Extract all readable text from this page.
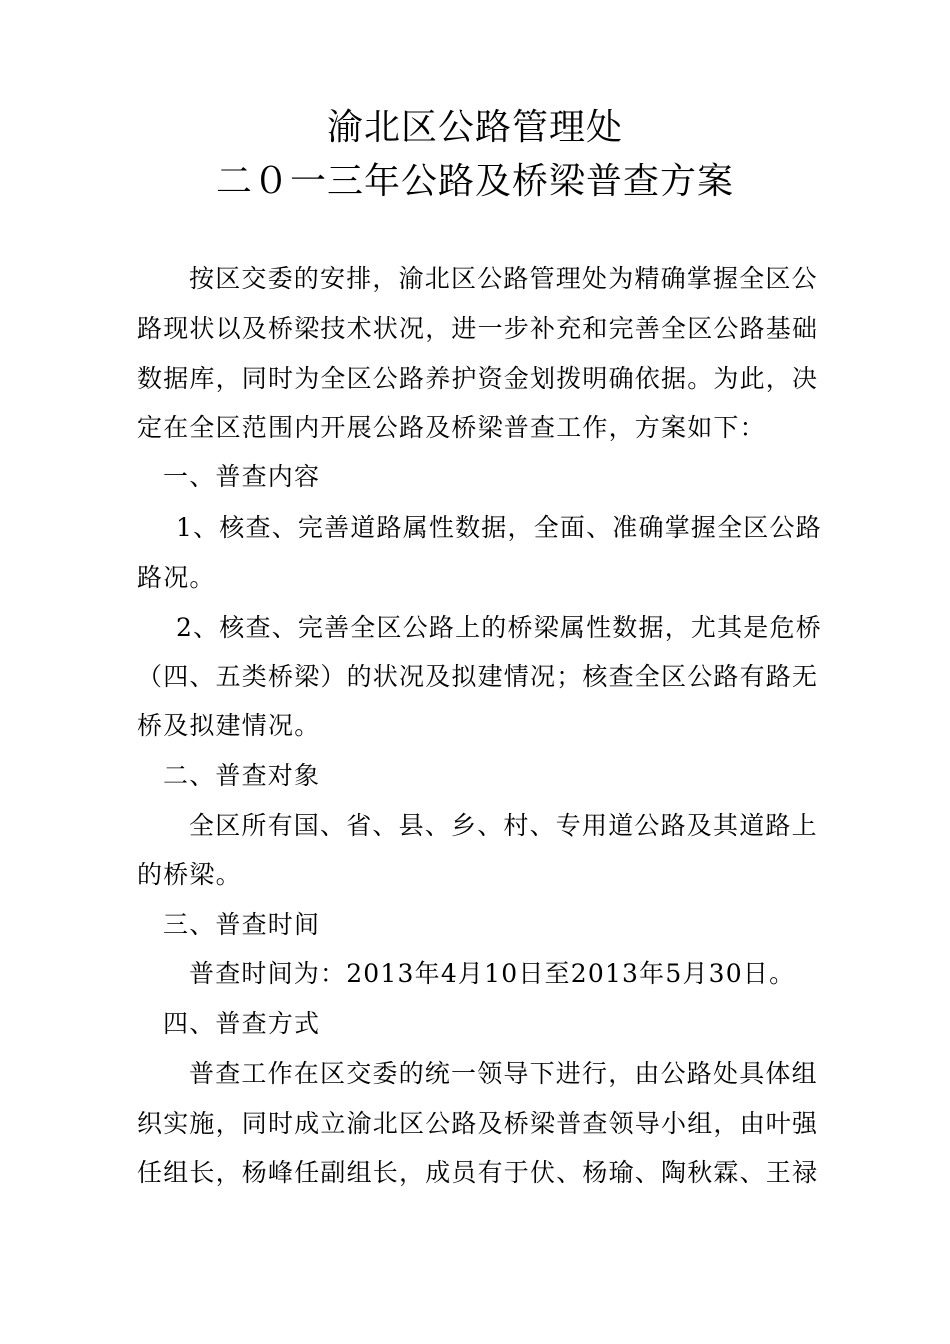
渝北区公路管理处
二０一三年公路及桥梁普查方案
按区交委的安排，渝北区公路管理处为精确掌握全区公
路现状以及桥梁技术状况，进一步补充和完善全区公路基础
数据库，同时为全区公路养护资金划拨明确依据。为此，决
定在全区范围内开展公路及桥梁普查工作，方案如下：
一、普查内容
1、核查、完善道路属性数据，全面、准确掌握全区公路
路况。
2、核查、完善全区公路上的桥梁属性数据，尤其是危桥
（四、五类桥梁）的状况及拟建情况；核查全区公路有路无
桥及拟建情况。
二、普查对象
全区所有国、省、县、乡、村、专用道公路及其道路上
的桥梁。
三、普查时间
普查时间为：2013年4月10日至2013年5月30日。
四、普查方式
普查工作在区交委的统一领导下进行，由公路处具体组
织实施，同时成立渝北区公路及桥梁普查领导小组，由叶强
任组长，杨峰任副组长，成员有于伏、杨瑜、陶秋霖、王禄
